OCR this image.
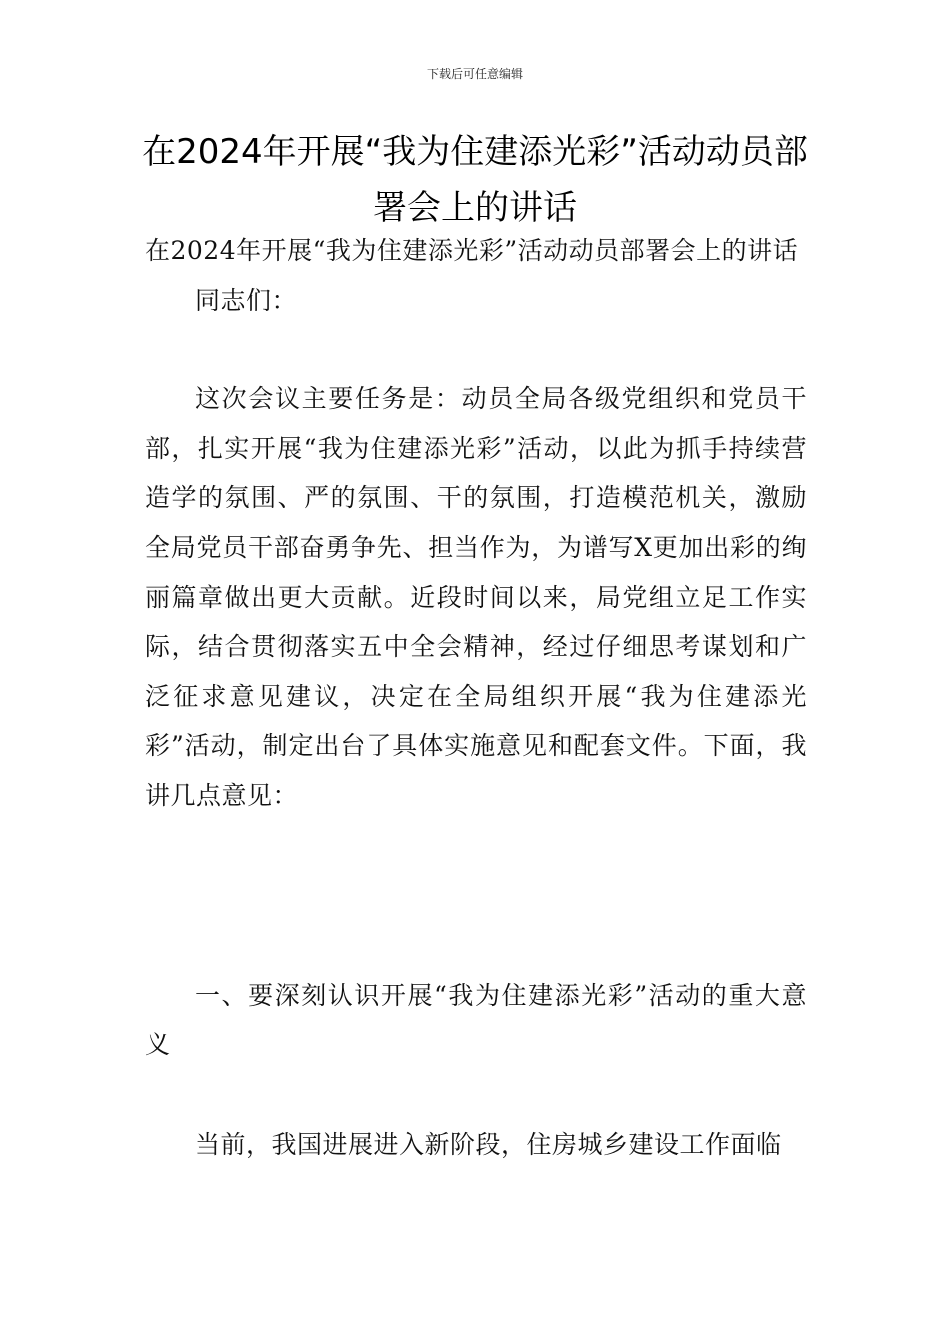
下载后可任意编辑
在2024年开展“我为住建添光彩”活动动员部署会上的讲话

在2024年开展“我为住建添光彩”活动动员部署会上的讲话

同志们：

这次会议主要任务是：动员全局各级党组织和党员干部，扎实开展“我为住建添光彩”活动，以此为抓手持续营造学的氛围、严的氛围、干的氛围，打造模范机关，激励全局党员干部奋勇争先、担当作为，为谱写X更加出彩的绚丽篇章做出更大贡献。近段时间以来，局党组立足工作实际，结合贯彻落实五中全会精神，经过仔细思考谋划和广泛征求意见建议，决定在全局组织开展“我为住建添光彩”活动，制定出台了具体实施意见和配套文件。下面，我讲几点意见：

一、要深刻认识开展“我为住建添光彩”活动的重大意义

当前，我国进展进入新阶段，住房城乡建设工作面临
